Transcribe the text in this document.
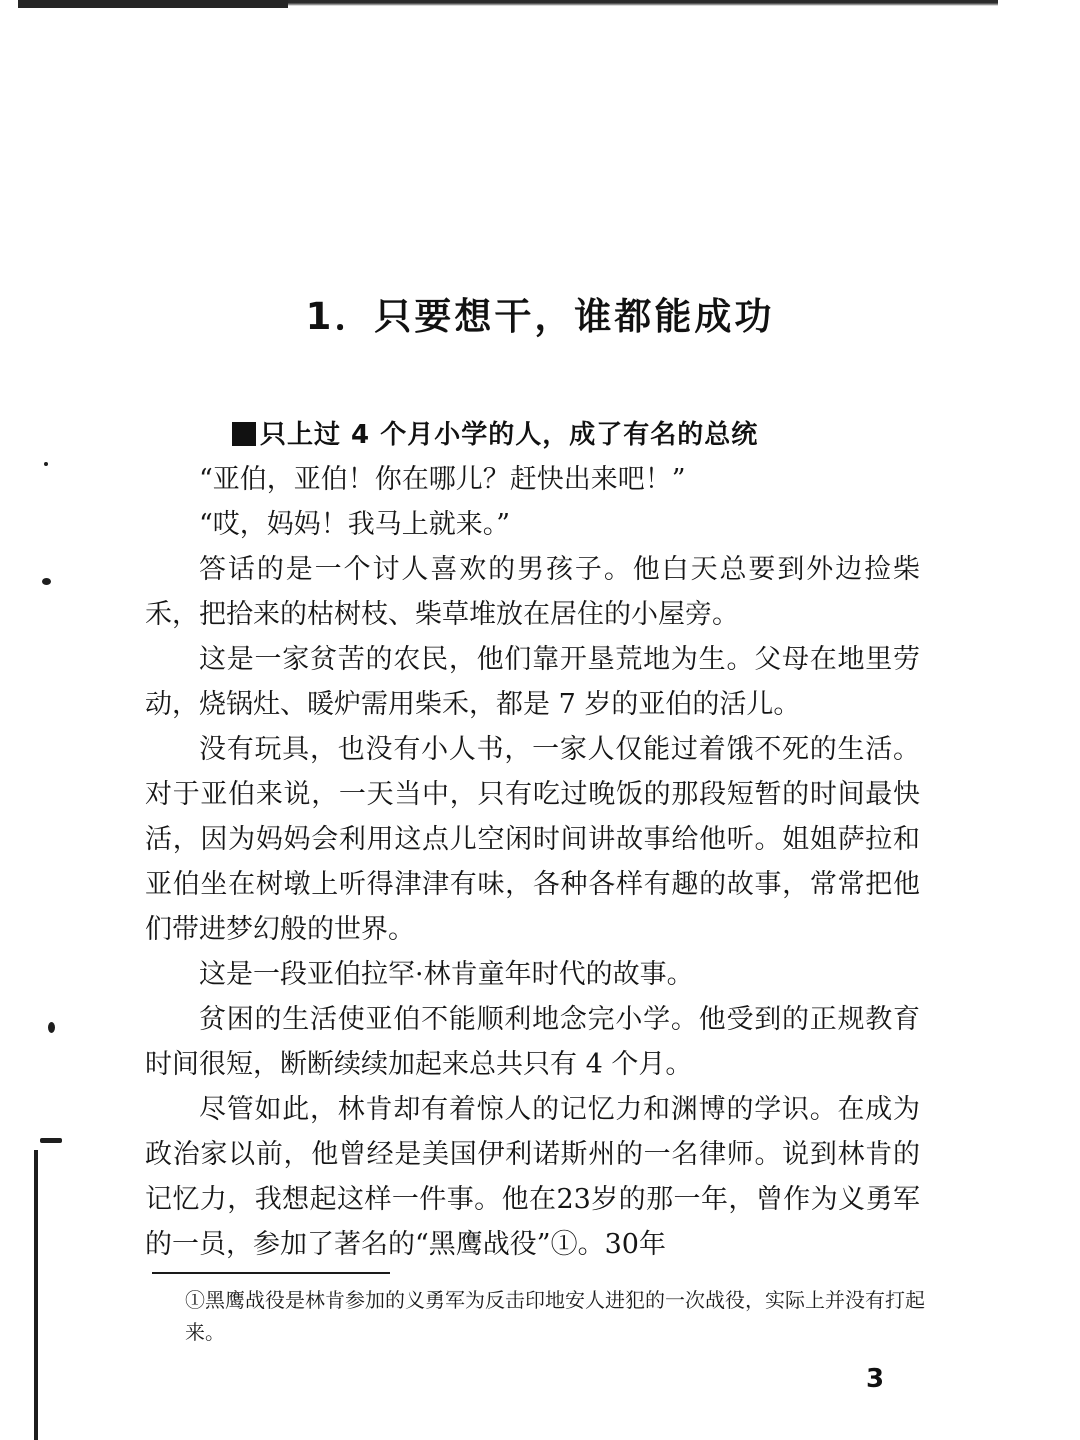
1．只要想干，谁都能成功
只上过 4 个月小学的人，成了有名的总统

“亚伯，亚伯！你在哪儿？赶快出来吧！”

“哎，妈妈！我马上就来。”

答话的是一个讨人喜欢的男孩子。他白天总要到外边捡柴禾，把拾来的枯树枝、柴草堆放在居住的小屋旁。

这是一家贫苦的农民，他们靠开垦荒地为生。父母在地里劳动，烧锅灶、暖炉需用柴禾，都是 7 岁的亚伯的活儿。

没有玩具，也没有小人书，一家人仅能过着饿不死的生活。对于亚伯来说，一天当中，只有吃过晚饭的那段短暂的时间最快活，因为妈妈会利用这点儿空闲时间讲故事给他听。姐姐萨拉和亚伯坐在树墩上听得津津有味，各种各样有趣的故事，常常把他们带进梦幻般的世界。

这是一段亚伯拉罕·林肯童年时代的故事。

贫困的生活使亚伯不能顺利地念完小学。他受到的正规教育时间很短，断断续续加起来总共只有 4 个月。

尽管如此，林肯却有着惊人的记忆力和渊博的学识。在成为政治家以前，他曾经是美国伊利诺斯州的一名律师。说到林肯的记忆力，我想起这样一件事。他在23岁的那一年，曾作为义勇军的一员，参加了著名的“黑鹰战役”①。30年

①黑鹰战役是林肯参加的义勇军为反击印地安人进犯的一次战役，实际上并没有打起来。
3
